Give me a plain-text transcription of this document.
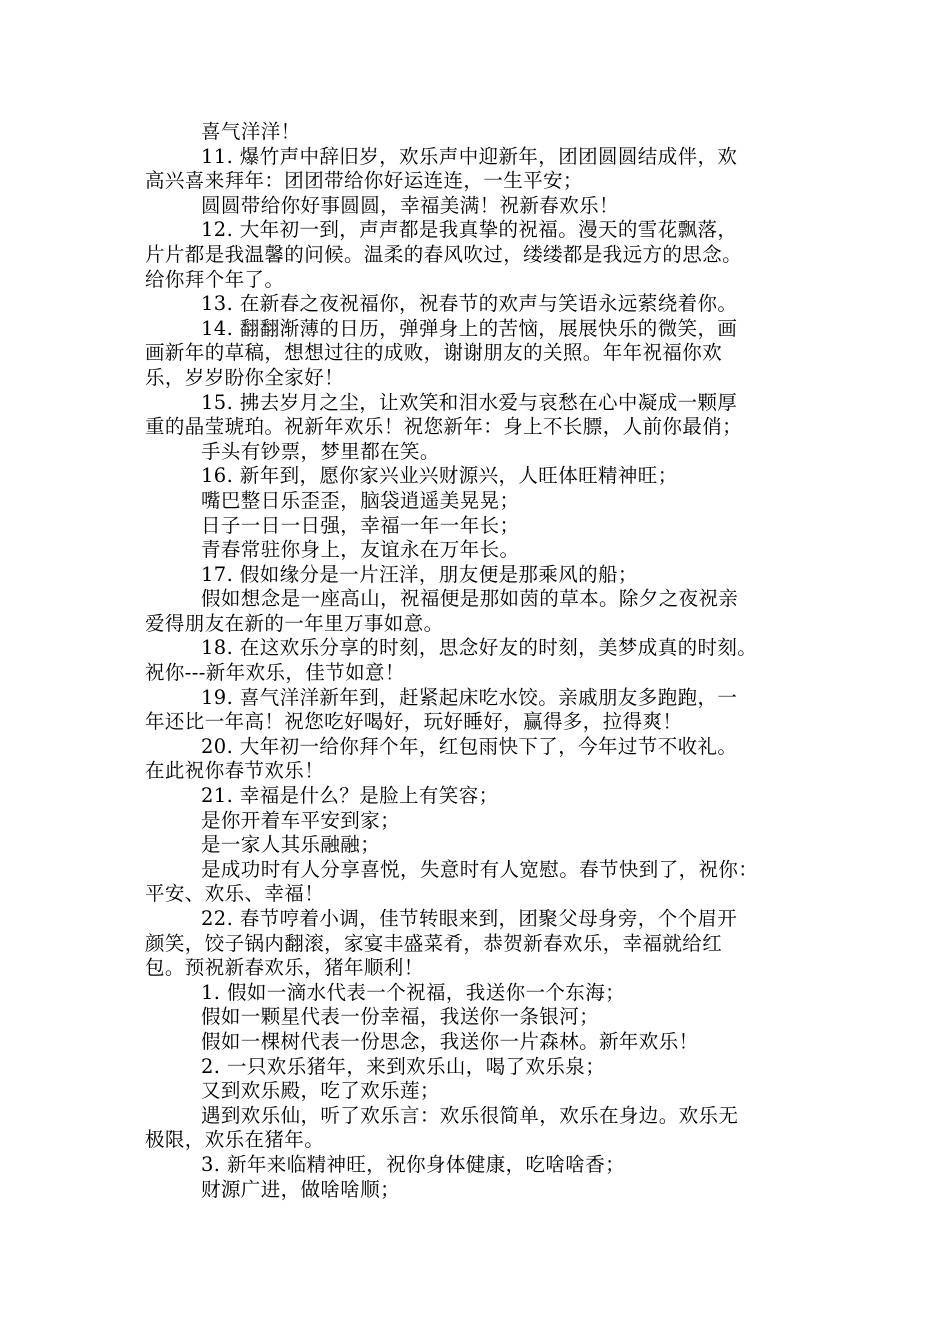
喜气洋洋！
11. 爆竹声中辞旧岁，欢乐声中迎新年，团团圆圆结成伴，欢
高兴喜来拜年：团团带给你好运连连，一生平安；
圆圆带给你好事圆圆，幸福美满！祝新春欢乐！
12. 大年初一到，声声都是我真挚的祝福。漫天的雪花飘落，
片片都是我温馨的问候。温柔的春风吹过，缕缕都是我远方的思念。
给你拜个年了。
13. 在新春之夜祝福你，祝春节的欢声与笑语永远萦绕着你。
14. 翻翻渐薄的日历，弹弹身上的苦恼，展展快乐的微笑，画
画新年的草稿，想想过往的成败，谢谢朋友的关照。年年祝福你欢
乐，岁岁盼你全家好！
15. 拂去岁月之尘，让欢笑和泪水爱与哀愁在心中凝成一颗厚
重的晶莹琥珀。祝新年欢乐！祝您新年：身上不长膘，人前你最俏；
手头有钞票，梦里都在笑。
16. 新年到，愿你家兴业兴财源兴，人旺体旺精神旺；
嘴巴整日乐歪歪，脑袋逍遥美晃晃；
日子一日一日强，幸福一年一年长；
青春常驻你身上，友谊永在万年长。
17. 假如缘分是一片汪洋，朋友便是那乘风的船；
假如想念是一座高山，祝福便是那如茵的草本。除夕之夜祝亲
爱得朋友在新的一年里万事如意。
18. 在这欢乐分享的时刻，思念好友的时刻，美梦成真的时刻。
祝你---新年欢乐，佳节如意！
19. 喜气洋洋新年到，赶紧起床吃水饺。亲戚朋友多跑跑，一
年还比一年高！祝您吃好喝好，玩好睡好，赢得多，拉得爽！
20. 大年初一给你拜个年，红包雨快下了，今年过节不收礼。
在此祝你春节欢乐！
21. 幸福是什么？是脸上有笑容；
是你开着车平安到家；
是一家人其乐融融；
是成功时有人分享喜悦，失意时有人宽慰。春节快到了，祝你：
平安、欢乐、幸福！
22. 春节哼着小调，佳节转眼来到，团聚父母身旁，个个眉开
颜笑，饺子锅内翻滚，家宴丰盛菜肴，恭贺新春欢乐，幸福就给红
包。预祝新春欢乐，猪年顺利！
1. 假如一滴水代表一个祝福，我送你一个东海；
假如一颗星代表一份幸福，我送你一条银河；
假如一棵树代表一份思念，我送你一片森林。新年欢乐！
2. 一只欢乐猪年，来到欢乐山，喝了欢乐泉；
又到欢乐殿，吃了欢乐莲；
遇到欢乐仙，听了欢乐言：欢乐很简单，欢乐在身边。欢乐无
极限，欢乐在猪年。
3. 新年来临精神旺，祝你身体健康，吃啥啥香；
财源广进，做啥啥顺；
